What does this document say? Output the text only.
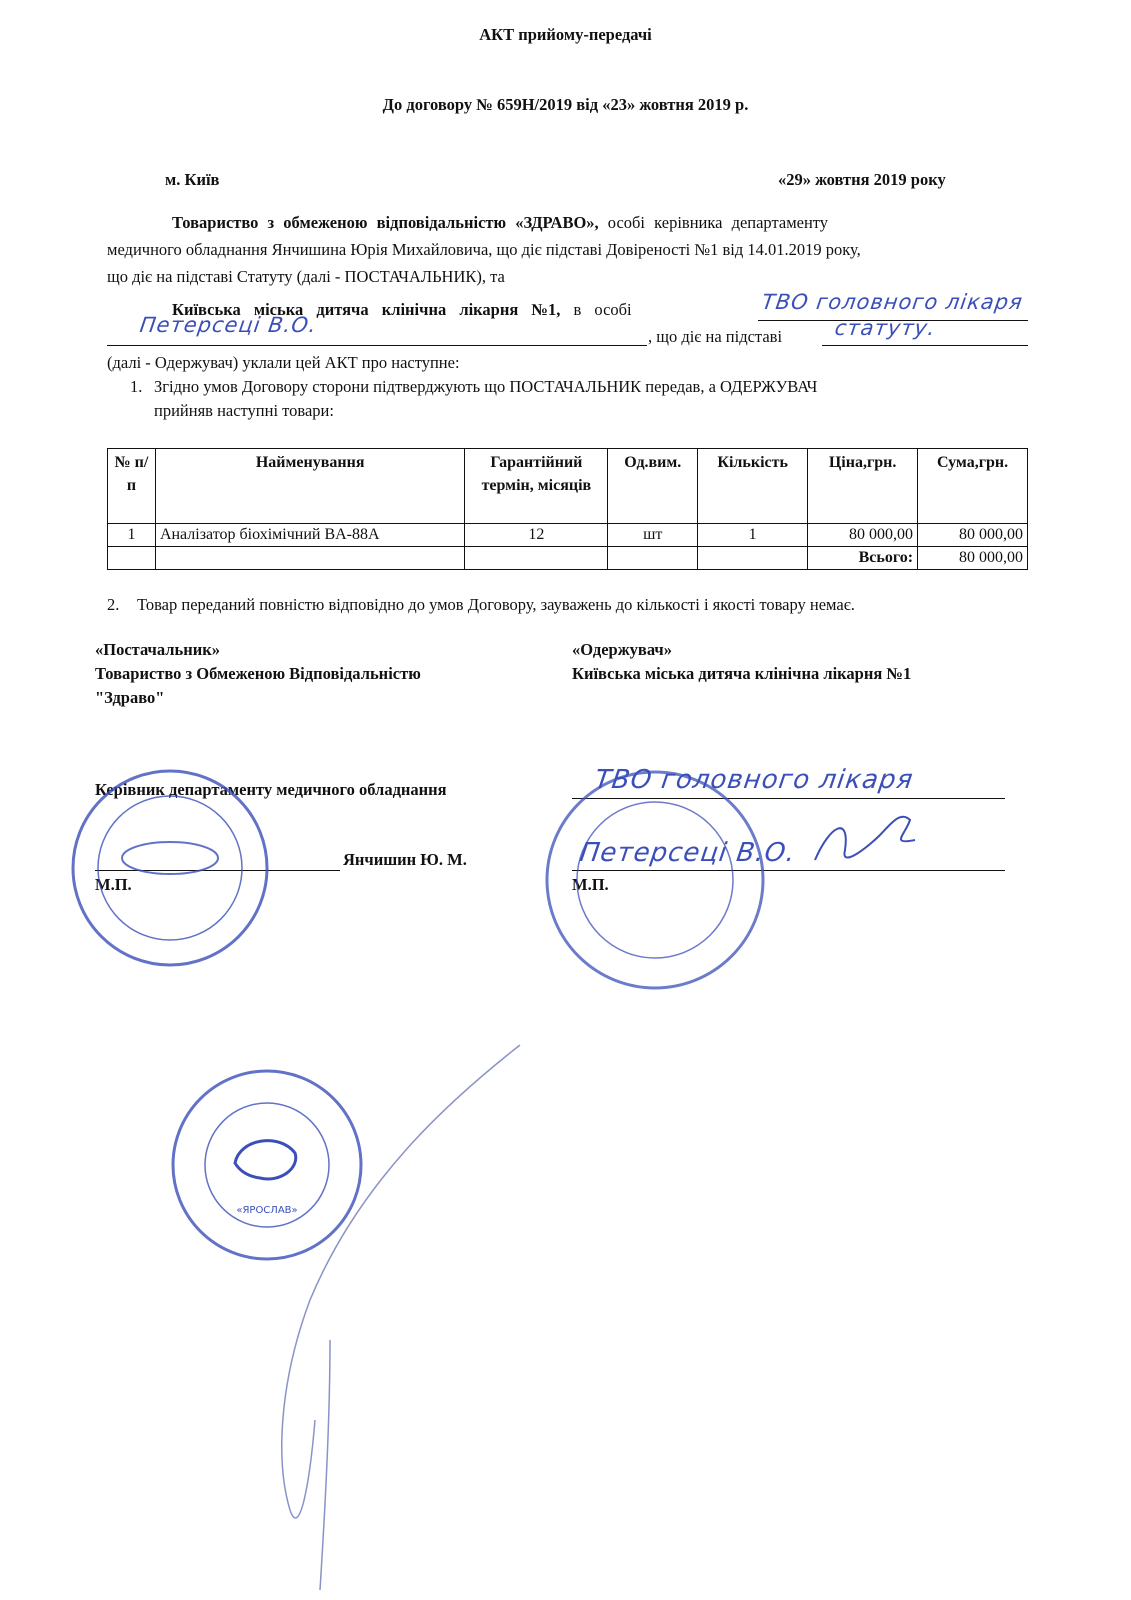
АКТ прийому-передачі
До договору № 659Н/2019 від «23» жовтня 2019 р.
м. Київ	«29» жовтня 2019 року
Товариство з обмеженою відповідальністю «ЗДРАВО», особі керівника департаменту
медичного обладнання Янчишина Юрія Михайловича, що діє підставі Довіреності №1 від 14.01.2019 року,
що діє на підставі Статуту (далі - ПОСТАЧАЛЬНИК), та
Київська міська дитяча клінічна лікарня №1, в особі	ТВО головного лікаря
Петерсеці В.О.	, що діє на підставі статуту.
(далі - Одержувач) уклали цей АКТ про наступне:
1. Згідно умов Договору сторони підтверджують що ПОСТАЧАЛЬНИК передав, а ОДЕРЖУВАЧ
прийняв наступні товари:
№ п/п	Найменування	Гарантійний термін, місяців	Од.вим.	Кількість	Ціна,грн.	Сума,грн.
1	Аналізатор біохімічний BA-88A	12	шт	1	80 000,00	80 000,00
					Всього:	80 000,00
2. Товар переданий повністю відповідно до умов Договору, зауважень до кількості і якості товару немає.
«Постачальник»
Товариство з Обмеженою Відповідальністю
"Здраво"
«Одержувач»
Київська міська дитяча клінічна лікарня №1
Керівник департаменту медичного обладнання
Янчишин Ю. М.
М.П.
ТВО головного лікаря
Петерсеці В.О.
М.П.
«ЯРОСЛАВ»
